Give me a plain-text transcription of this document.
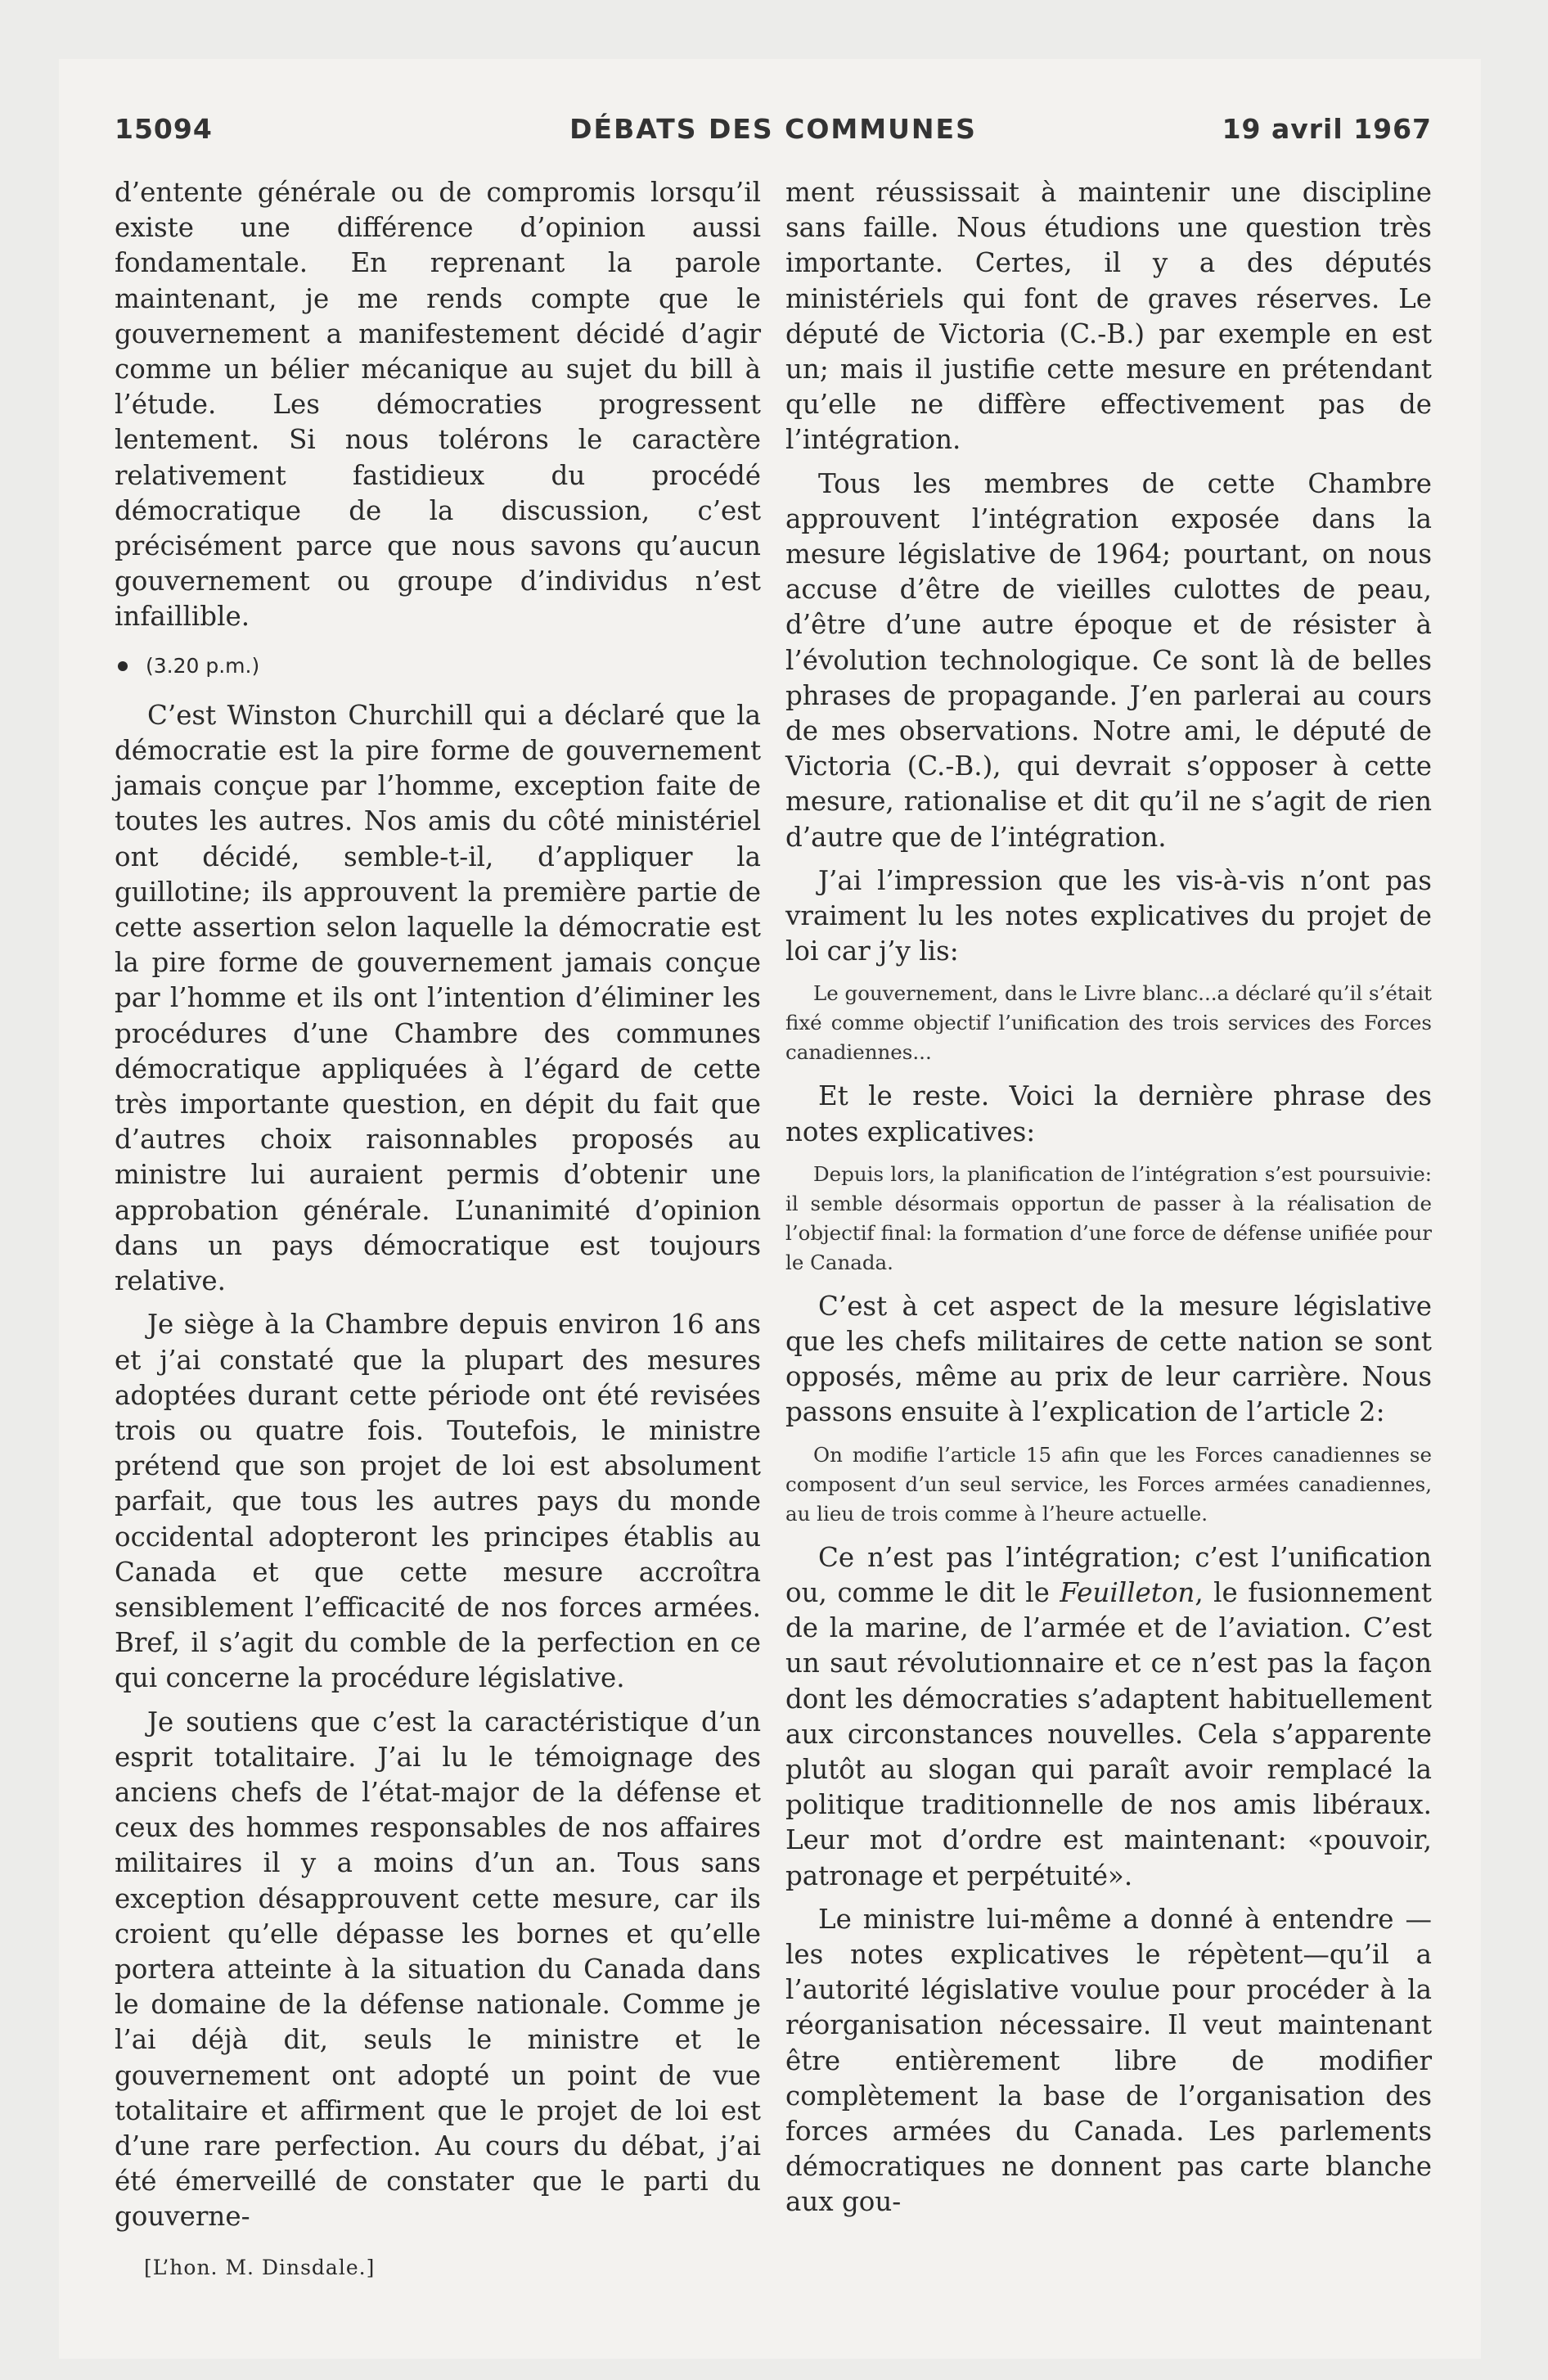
15094	DÉBATS DES COMMUNES	19 avril 1967

d’entente générale ou de compromis lorsqu’il existe une différence d’opinion aussi fondamentale. En reprenant la parole maintenant, je me rends compte que le gouvernement a manifestement décidé d’agir comme un bélier mécanique au sujet du bill à l’étude. Les démocraties progressent lentement. Si nous tolérons le caractère relativement fastidieux du procédé démocratique de la discussion, c’est précisément parce que nous savons qu’aucun gouvernement ou groupe d’individus n’est infaillible.

(3.20 p.m.)

C’est Winston Churchill qui a déclaré que la démocratie est la pire forme de gouvernement jamais conçue par l’homme, exception faite de toutes les autres. Nos amis du côté ministériel ont décidé, semble-t-il, d’appliquer la guillotine; ils approuvent la première partie de cette assertion selon laquelle la démocratie est la pire forme de gouvernement jamais conçue par l’homme et ils ont l’intention d’éliminer les procédures d’une Chambre des communes démocratique appliquées à l’égard de cette très importante question, en dépit du fait que d’autres choix raisonnables proposés au ministre lui auraient permis d’obtenir une approbation générale. L’unanimité d’opinion dans un pays démocratique est toujours relative.

Je siège à la Chambre depuis environ 16 ans et j’ai constaté que la plupart des mesures adoptées durant cette période ont été revisées trois ou quatre fois. Toutefois, le ministre prétend que son projet de loi est absolument parfait, que tous les autres pays du monde occidental adopteront les principes établis au Canada et que cette mesure accroîtra sensiblement l’efficacité de nos forces armées. Bref, il s’agit du comble de la perfection en ce qui concerne la procédure législative.

Je soutiens que c’est la caractéristique d’un esprit totalitaire. J’ai lu le témoignage des anciens chefs de l’état-major de la défense et ceux des hommes responsables de nos affaires militaires il y a moins d’un an. Tous sans exception désapprouvent cette mesure, car ils croient qu’elle dépasse les bornes et qu’elle portera atteinte à la situation du Canada dans le domaine de la défense nationale. Comme je l’ai déjà dit, seuls le ministre et le gouvernement ont adopté un point de vue totalitaire et affirment que le projet de loi est d’une rare perfection. Au cours du débat, j’ai été émerveillé de constater que le parti du gouverne-

[L’hon. M. Dinsdale.]

ment réussissait à maintenir une discipline sans faille. Nous étudions une question très importante. Certes, il y a des députés ministériels qui font de graves réserves. Le député de Victoria (C.-B.) par exemple en est un; mais il justifie cette mesure en prétendant qu’elle ne diffère effectivement pas de l’intégration.

Tous les membres de cette Chambre approuvent l’intégration exposée dans la mesure législative de 1964; pourtant, on nous accuse d’être de vieilles culottes de peau, d’être d’une autre époque et de résister à l’évolution technologique. Ce sont là de belles phrases de propagande. J’en parlerai au cours de mes observations. Notre ami, le député de Victoria (C.-B.), qui devrait s’opposer à cette mesure, rationalise et dit qu’il ne s’agit de rien d’autre que de l’intégration.

J’ai l’impression que les vis-à-vis n’ont pas vraiment lu les notes explicatives du projet de loi car j’y lis:

Le gouvernement, dans le Livre blanc...a déclaré qu’il s’était fixé comme objectif l’unification des trois services des Forces canadiennes...

Et le reste. Voici la dernière phrase des notes explicatives:

Depuis lors, la planification de l’intégration s’est poursuivie: il semble désormais opportun de passer à la réalisation de l’objectif final: la formation d’une force de défense unifiée pour le Canada.

C’est à cet aspect de la mesure législative que les chefs militaires de cette nation se sont opposés, même au prix de leur carrière. Nous passons ensuite à l’explication de l’article 2:

On modifie l’article 15 afin que les Forces canadiennes se composent d’un seul service, les Forces armées canadiennes, au lieu de trois comme à l’heure actuelle.

Ce n’est pas l’intégration; c’est l’unification ou, comme le dit le Feuilleton, le fusionnement de la marine, de l’armée et de l’aviation. C’est un saut révolutionnaire et ce n’est pas la façon dont les démocraties s’adaptent habituellement aux circonstances nouvelles. Cela s’apparente plutôt au slogan qui paraît avoir remplacé la politique traditionnelle de nos amis libéraux. Leur mot d’ordre est maintenant: «pouvoir, patronage et perpétuité».

Le ministre lui-même a donné à entendre —les notes explicatives le répètent—qu’il a l’autorité législative voulue pour procéder à la réorganisation nécessaire. Il veut maintenant être entièrement libre de modifier complètement la base de l’organisation des forces armées du Canada. Les parlements démocratiques ne donnent pas carte blanche aux gou-
